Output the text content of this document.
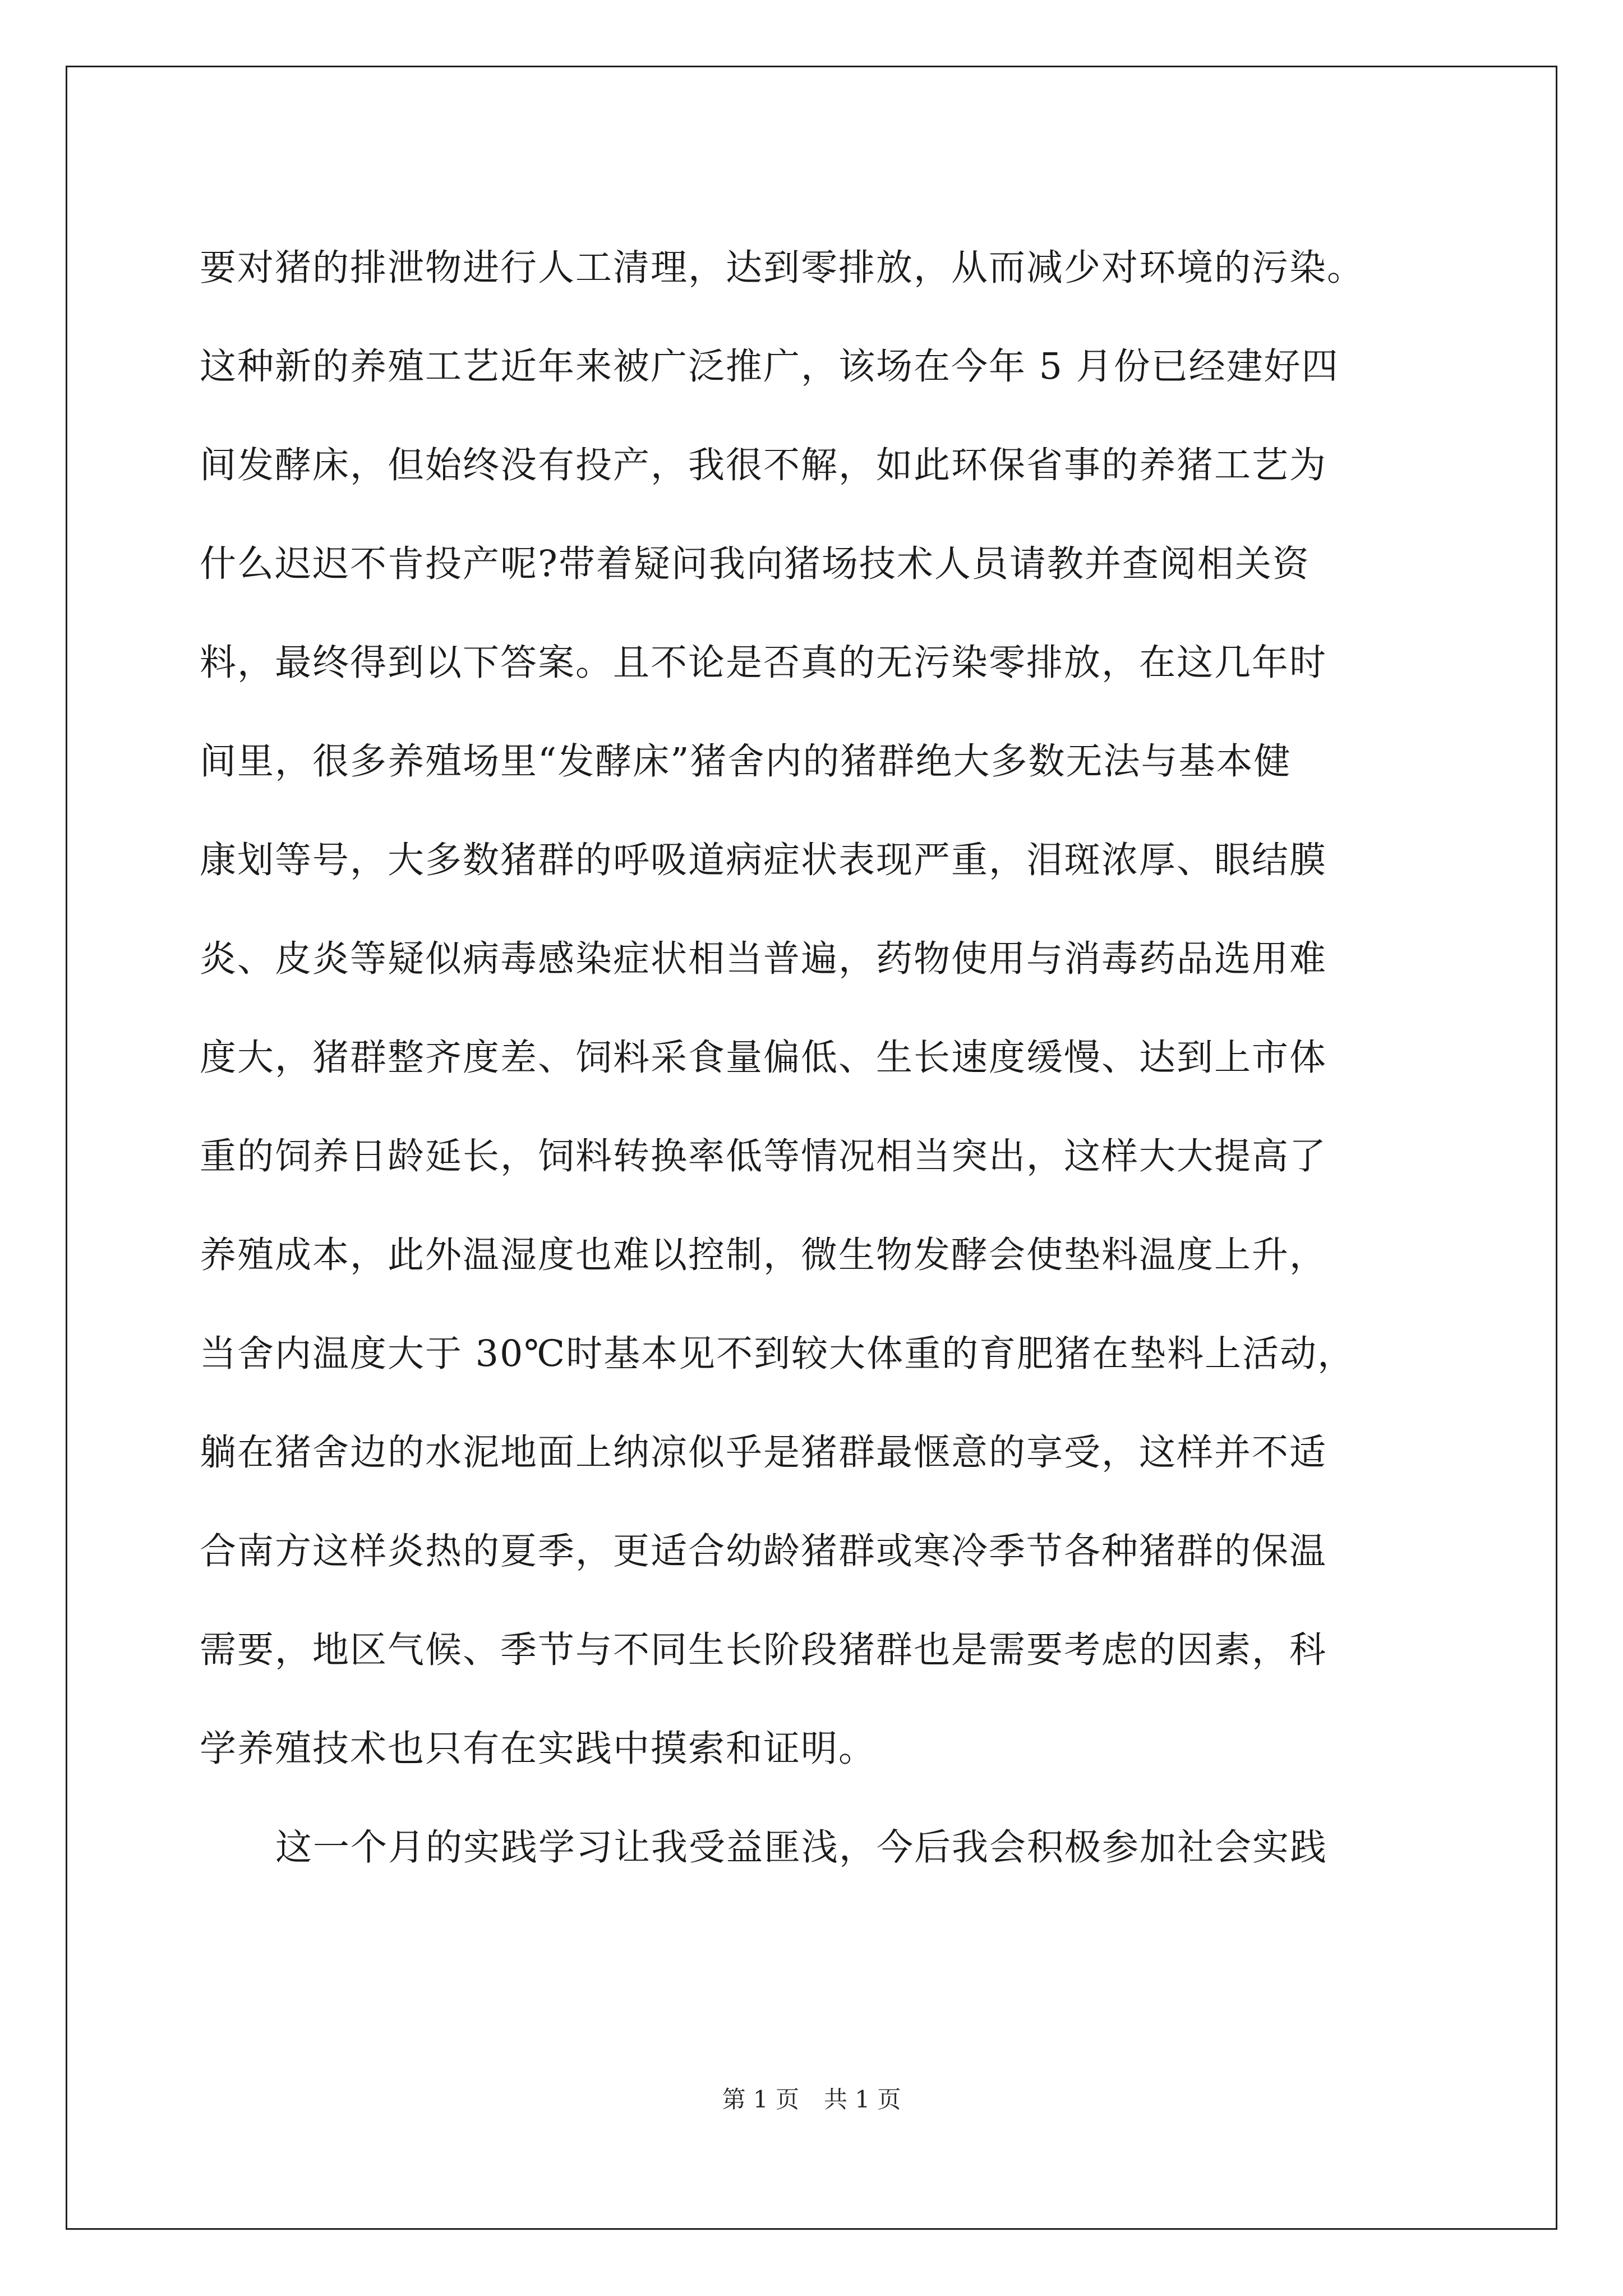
要对猪的排泄物进行人工清理，达到零排放，从而减少对环境的污染。
这种新的养殖工艺近年来被广泛推广，该场在今年 5 月份已经建好四
间发酵床，但始终没有投产，我很不解，如此环保省事的养猪工艺为
什么迟迟不肯投产呢?带着疑问我向猪场技术人员请教并查阅相关资
料，最终得到以下答案。且不论是否真的无污染零排放，在这几年时
间里，很多养殖场里“发酵床”猪舍内的猪群绝大多数无法与基本健
康划等号，大多数猪群的呼吸道病症状表现严重，泪斑浓厚、眼结膜
炎、皮炎等疑似病毒感染症状相当普遍，药物使用与消毒药品选用难
度大，猪群整齐度差、饲料采食量偏低、生长速度缓慢、达到上市体
重的饲养日龄延长，饲料转换率低等情况相当突出，这样大大提高了
养殖成本，此外温湿度也难以控制，微生物发酵会使垫料温度上升，
当舍内温度大于 30℃时基本见不到较大体重的育肥猪在垫料上活动，
躺在猪舍边的水泥地面上纳凉似乎是猪群最惬意的享受，这样并不适
合南方这样炎热的夏季，更适合幼龄猪群或寒冷季节各种猪群的保温
需要，地区气候、季节与不同生长阶段猪群也是需要考虑的因素，科
学养殖技术也只有在实践中摸索和证明。
这一个月的实践学习让我受益匪浅，今后我会积极参加社会实践
第 1 页 共 1 页
